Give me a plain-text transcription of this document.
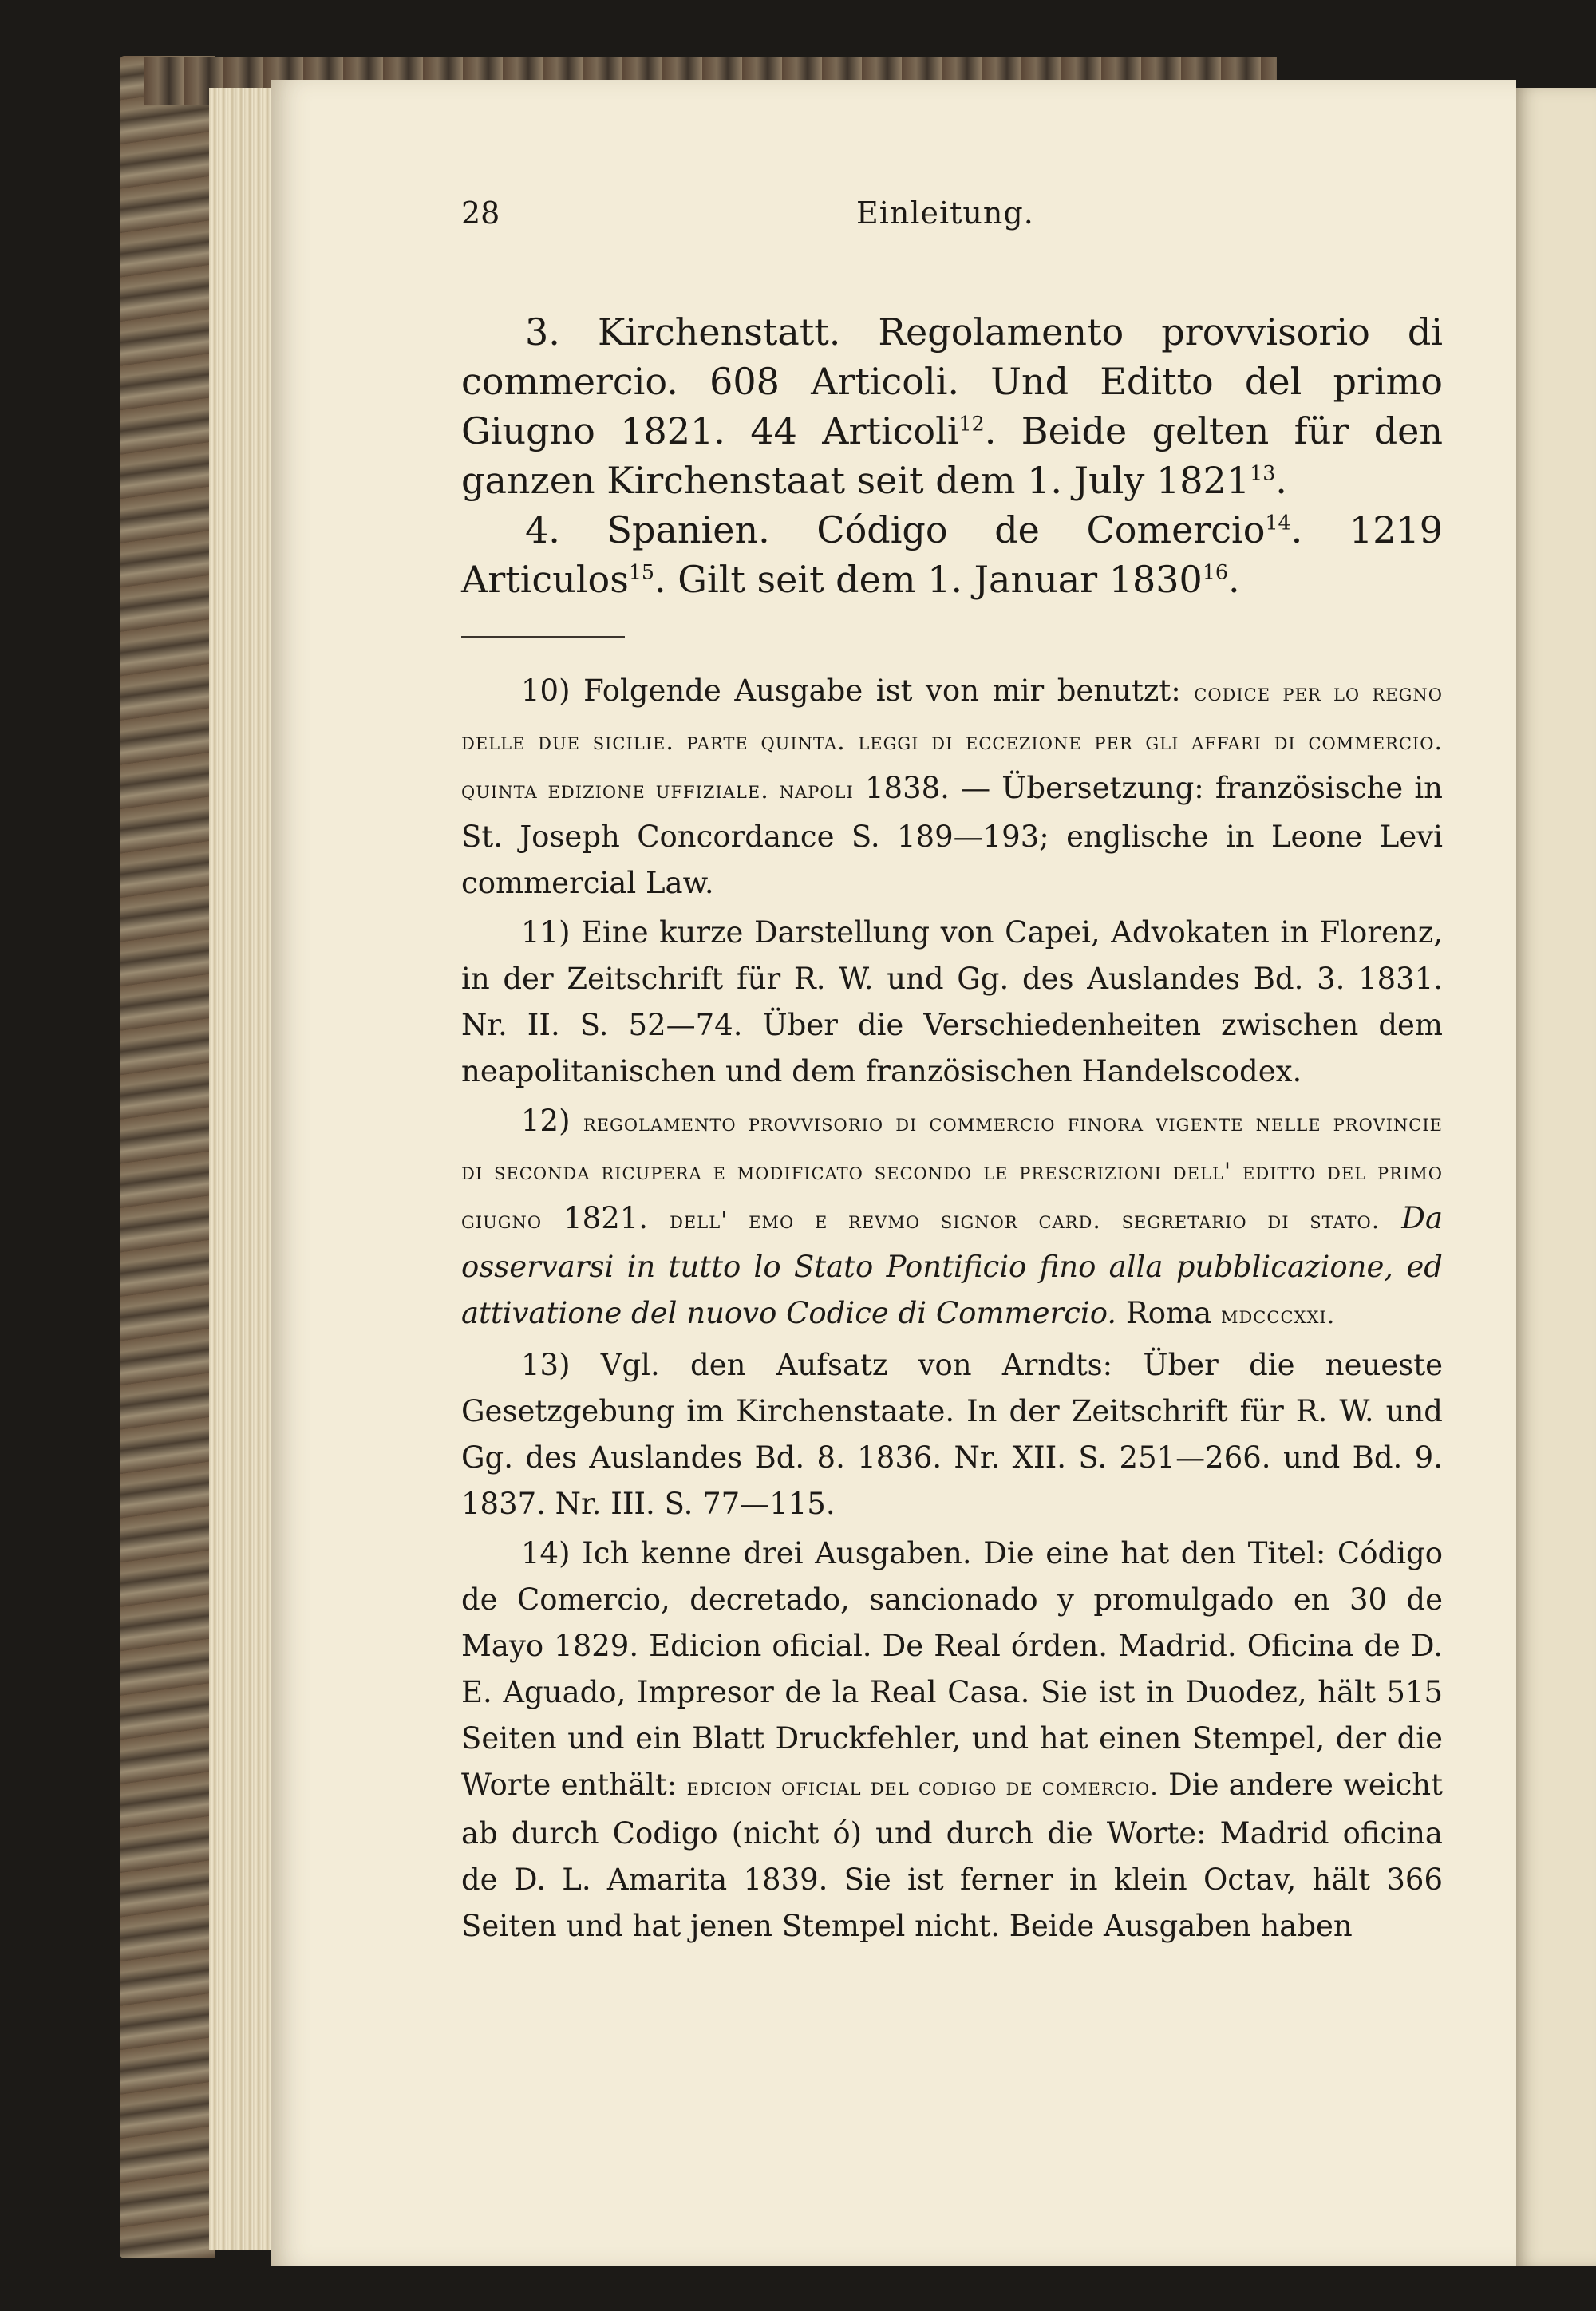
28	Einleitung.

3. Kirchenstatt. Regolamento provvisorio di commercio. 608 Articoli. Und Editto del primo Giugno 1821. 44 Articoli$^{12}$. Beide gelten für den ganzen Kirchenstaat seit dem 1. July 1821$^{13}$.

4. Spanien. Código de Comercio$^{14}$. 1219 Articulos$^{15}$. Gilt seit dem 1. Januar 1830$^{16}$.

10) Folgende Ausgabe ist von mir benutzt: codice per lo regno delle due sicilie. parte quinta. leggi di eccezione per gli affari di commercio. quinta edizione uffiziale. napoli 1838. — Übersetzung: französische in St. Joseph Concordance S. 189—193; englische in Leone Levi commercial Law.

11) Eine kurze Darstellung von Capei, Advokaten in Florenz, in der Zeitschrift für R. W. und Gg. des Auslandes Bd. 3. 1831. Nr. II. S. 52—74. Über die Verschiedenheiten zwischen dem neapolitanischen und dem französischen Handelscodex.

12) regolamento provvisorio di commercio finora vigente nelle provincie di seconda ricupera e modificato secondo le prescrizioni dell' editto del primo giugno 1821. dell' emo e revmo signor card. segretario di stato. Da osservarsi in tutto lo Stato Pontificio fino alla pubblicazione, ed attivatione del nuovo Codice di Commercio. Roma mdcccxxi.

13) Vgl. den Aufsatz von Arndts: Über die neueste Gesetzgebung im Kirchenstaate. In der Zeitschrift für R. W. und Gg. des Auslandes Bd. 8. 1836. Nr. XII. S. 251—266. und Bd. 9. 1837. Nr. III. S. 77—115.

14) Ich kenne drei Ausgaben. Die eine hat den Titel: Código de Comercio, decretado, sancionado y promulgado en 30 de Mayo 1829. Edicion oficial. De Real órden. Madrid. Oficina de D. E. Aguado, Impresor de la Real Casa. Sie ist in Duodez, hält 515 Seiten und ein Blatt Druckfehler, und hat einen Stempel, der die Worte enthält: edicion oficial del codigo de comercio. Die andere weicht ab durch Codigo (nicht ó) und durch die Worte: Madrid oficina de D. L. Amarita 1839. Sie ist ferner in klein Octav, hält 366 Seiten und hat jenen Stempel nicht. Beide Ausgaben haben
